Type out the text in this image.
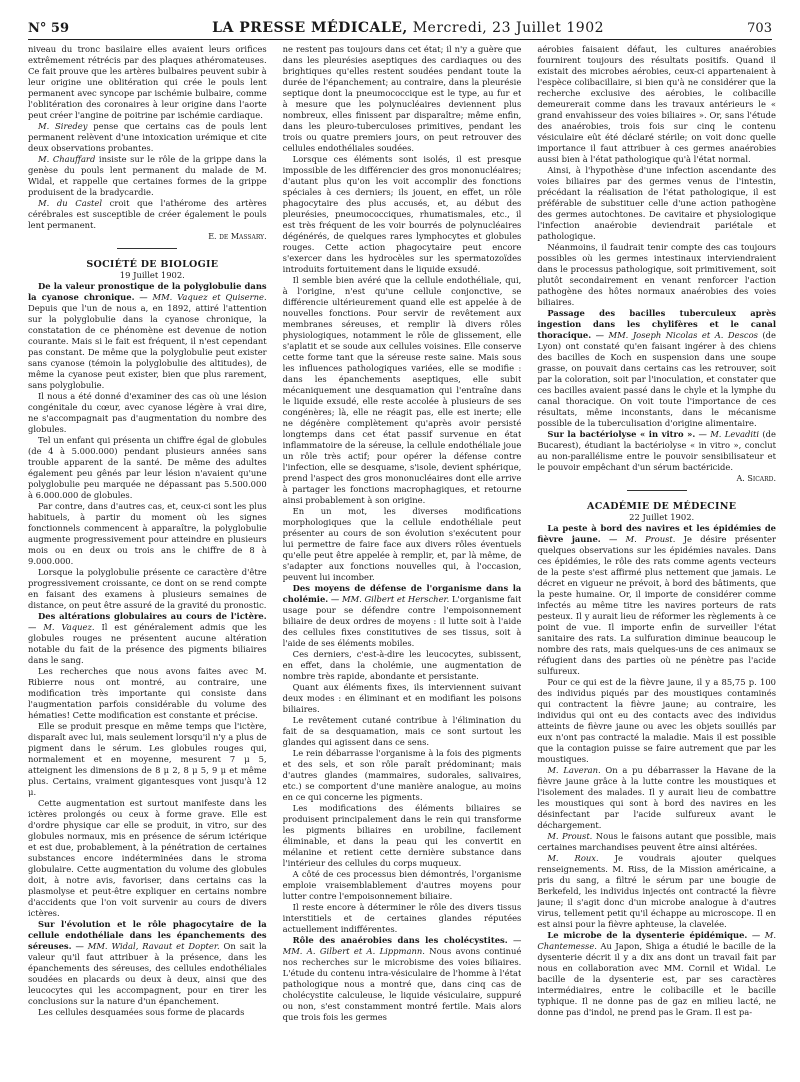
N° 59	LA PRESSE MÉDICALE, Mercredi, 23 Juillet 1902	703

niveau du tronc basilaire elles avaient leurs orifices extrêmement rétrécis par des plaques athéromateuses. Ce fait prouve que les artères bulbaires peuvent subir à leur origine une oblitération qui crée le pouls lent permanent avec syncope par ischémie bulbaire, comme l'oblitération des coronaires à leur origine dans l'aorte peut créer l'angine de poitrine par ischémie cardiaque.

M. Siredey pense que certains cas de pouls lent permanent relèvent d'une intoxication urémique et cite deux observations probantes.

M. Chauffard insiste sur le rôle de la grippe dans la genèse du pouls lent permanent du malade de M. Widal, et rappelle que certaines formes de la grippe produisent de la bradycardie.

M. du Castel croit que l'athérome des artères cérébrales est susceptible de créer également le pouls lent permanent.

E. de Massary.

SOCIÉTÉ DE BIOLOGIE

19 Juillet 1902.

De la valeur pronostique de la polyglobulie dans la cyanose chronique. — MM. Vaquez et Quiserne. Depuis que l'un de nous a, en 1892, attiré l'attention sur la polyglobulie dans la cyanose chronique, la constatation de ce phénomène est devenue de notion courante. Mais si le fait est fréquent, il n'est cependant pas constant. De même que la polyglobulie peut exister sans cyanose (témoin la polyglobulie des altitudes), de même la cyanose peut exister, bien que plus rarement, sans polyglobulie.

Il nous a été donné d'examiner des cas où une lésion congénitale du cœur, avec cyanose légère à vrai dire, ne s'accompagnait pas d'augmentation du nombre des globules.

Tel un enfant qui présenta un chiffre égal de globules (de 4 à 5.000.000) pendant plusieurs années sans trouble apparent de la santé. De même des adultes également peu gênés par leur lésion n'avaient qu'une polyglobulie peu marquée ne dépassant pas 5.500.000 à 6.000.000 de globules.

Par contre, dans d'autres cas, et, ceux-ci sont les plus habituels, à partir du moment où les signes fonctionnels commencent à apparaître, la polyglobulie augmente progressivement pour atteindre en plusieurs mois ou en deux ou trois ans le chiffre de 8 à 9.000.000.

Lorsque la polyglobulie présente ce caractère d'être progressivement croissante, ce dont on se rend compte en faisant des examens à plusieurs semaines de distance, on peut être assuré de la gravité du pronostic.

Des altérations globulaires au cours de l'ictère. — M. Vaquez. Il est généralement admis que les globules rouges ne présentent aucune altération notable du fait de la présence des pigments biliaires dans le sang.

Les recherches que nous avons faites avec M. Ribierre nous ont montré, au contraire, une modification très importante qui consiste dans l'augmentation parfois considérable du volume des hématies! Cette modification est constante et précise.

Elle se produit presque en même temps que l'ictère, disparaît avec lui, mais seulement lorsqu'il n'y a plus de pigment dans le sérum. Les globules rouges qui, normalement et en moyenne, mesurent 7 μ 5, atteignent les dimensions de 8 μ 2, 8 μ 5, 9 μ et même plus. Certains, vraiment gigantesques vont jusqu'à 12 μ.

Cette augmentation est surtout manifeste dans les ictères prolongés ou ceux à forme grave. Elle est d'ordre physique car elle se produit, in vitro, sur des globules normaux, mis en présence de sérum ictérique et est due, probablement, à la pénétration de certaines substances encore indéterminées dans le stroma globulaire. Cette augmentation du volume des globules doit, à notre avis, favoriser, dans certains cas la plasmolyse et peut-être expliquer en certains nombre d'accidents que l'on voit survenir au cours de divers ictères.

Sur l'évolution et le rôle phagocytaire de la cellule endothéliale dans les épanchements des séreuses. — MM. Widal, Ravaut et Dopter. On sait la valeur qu'il faut attribuer à la présence, dans les épanchements des séreuses, des cellules endothéliales soudées en placards ou deux à deux, ainsi que des leucocytes qui les accompagnent, pour en tirer les conclusions sur la nature d'un épanchement.

Les cellules desquamées sous forme de placards

ne restent pas toujours dans cet état; il n'y a guère que dans les pleurésies aseptiques des cardiaques ou des brightiques qu'elles restent soudées pendant toute la durée de l'épanchement; au contraire, dans la pleurésie septique dont la pneumococcique est le type, au fur et à mesure que les polynucléaires deviennent plus nombreux, elles finissent par disparaître; même enfin, dans les pleuro-tuberculoses primitives, pendant les trois ou quatre premiers jours, on peut retrouver des cellules endothéliales soudées.

Lorsque ces éléments sont isolés, il est presque impossible de les différencier des gros mononucléaires; d'autant plus qu'on les voit accomplir des fonctions spéciales à ces derniers; ils jouent, en effet, un rôle phagocytaire des plus accusés, et, au début des pleurésies, pneumococciques, rhumatismales, etc., il est très fréquent de les voir bourrés de polynucléaires dégénérés, de quelques rares lymphocytes et globules rouges. Cette action phagocytaire peut encore s'exercer dans les hydrocèles sur les spermatozoïdes introduits fortuitement dans le liquide exsudé.

Il semble bien avéré que la cellule endothéliale, qui, à l'origine, n'est qu'une cellule conjonctive, se différencie ultérieurement quand elle est appelée à de nouvelles fonctions. Pour servir de revêtement aux membranes séreuses, et remplir là divers rôles physiologiques, notamment le rôle de glissement, elle s'aplatit et se soude aux cellules voisines. Elle conserve cette forme tant que la séreuse reste saine. Mais sous les influences pathologiques variées, elle se modifie : dans les épanchements aseptiques, elle subit mécaniquement une desquamation qui l'entraîne dans le liquide exsudé, elle reste accolée à plusieurs de ses congénères; là, elle ne réagit pas, elle est inerte; elle ne dégénère complètement qu'après avoir persisté longtemps dans cet état passif survenue en état inflammatoire de la séreuse, la cellule endothéliale joue un rôle très actif; pour opérer la défense contre l'infection, elle se desquame, s'isole, devient sphérique, prend l'aspect des gros mononucléaires dont elle arrive à partager les fonctions macrophagiques, et retourne ainsi probablement à son origine.

En un mot, les diverses modifications morphologiques que la cellule endothéliale peut présenter au cours de son évolution s'exécutent pour lui permettre de faire face aux divers rôles éventuels qu'elle peut être appelée à remplir, et, par là même, de s'adapter aux fonctions nouvelles qui, à l'occasion, peuvent lui incomber.

Des moyens de défense de l'organisme dans la cholémie. — MM. Gilbert et Herscher. L'organisme fait usage pour se défendre contre l'empoisonnement biliaire de deux ordres de moyens : il lutte soit à l'aide des cellules fixes constitutives de ses tissus, soit à l'aide de ses éléments mobiles.

Ces derniers, c'est-à-dire les leucocytes, subissent, en effet, dans la cholémie, une augmentation de nombre très rapide, abondante et persistante.

Quant aux éléments fixes, ils interviennent suivant deux modes : en éliminant et en modifiant les poisons biliaires.

Le revêtement cutané contribue à l'élimination du fait de sa desquamation, mais ce sont surtout les glandes qui agissent dans ce sens.

Le rein débarrasse l'organisme à la fois des pigments et des sels, et son rôle paraît prédominant; mais d'autres glandes (mammaires, sudorales, salivaires, etc.) se comportent d'une manière analogue, au moins en ce qui concerne les pigments.

Les modifications des éléments biliaires se produisent principalement dans le rein qui transforme les pigments biliaires en urobiline, facilement éliminable, et dans la peau qui les convertit en mélanine et retient cette dernière substance dans l'intérieur des cellules du corps muqueux.

A côté de ces processus bien démontrés, l'organisme emploie vraisemblablement d'autres moyens pour lutter contre l'empoisonnement biliaire.

Il reste encore à déterminer le rôle des divers tissus interstitiels et de certaines glandes réputées actuellement indifférentes.

Rôle des anaérobies dans les cholécystites. — MM. A. Gilbert et A. Lippmann. Nous avons continué nos recherches sur le microbisme des voies biliaires. L'étude du contenu intra-vésiculaire de l'homme à l'état pathologique nous a montré que, dans cinq cas de cholécystite calculeuse, le liquide vésiculaire, suppuré ou non, s'est constamment montré fertile. Mais alors que trois fois les germes

aérobies faisaient défaut, les cultures anaérobies fournirent toujours des résultats positifs. Quand il existait des microbes aérobies, ceux-ci appartenaient à l'espèce colibacillaire, si bien qu'à ne considérer que la recherche exclusive des aérobies, le colibacille demeurerait comme dans les travaux antérieurs le « grand envahisseur des voies biliaires ». Or, sans l'étude des anaérobies, trois fois sur cinq le contenu vésiculaire eût été déclaré stérile; on voit donc quelle importance il faut attribuer à ces germes anaérobies aussi bien à l'état pathologique qu'à l'état normal.

Ainsi, à l'hypothèse d'une infection ascendante des voies biliaires par des germes venus de l'intestin, précédant la réalisation de l'état pathologique, il est préférable de substituer celle d'une action pathogène des germes autochtones. De cavitaire et physiologique l'infection anaérobie deviendrait pariétale et pathologique.

Néanmoins, il faudrait tenir compte des cas toujours possibles où les germes intestinaux interviendraient dans le processus pathologique, soit primitivement, soit plutôt secondairement en venant renforcer l'action pathogène des hôtes normaux anaérobies des voies biliaires.

Passage des bacilles tuberculeux après ingestion dans les chylifères et le canal thoracique. — MM. Joseph Nicolas et A. Descos (de Lyon) ont constaté qu'en faisant ingérer à des chiens des bacilles de Koch en suspension dans une soupe grasse, on pouvait dans certains cas les retrouver, soit par la coloration, soit par l'inoculation, et constater que ces bacilles avaient passé dans le chyle et la lymphe du canal thoracique. On voit toute l'importance de ces résultats, même inconstants, dans le mécanisme possible de la tuberculisation d'origine alimentaire.

Sur la bactériolyse « in vitro ». — M. Levaditi (de Bucarest), étudiant la bactériolyse « in vitro », conclut au non-parallélisme entre le pouvoir sensibilisateur et le pouvoir empêchant d'un sérum bactéricide.

A. Sicard.

ACADÉMIE DE MÉDECINE

22 Juillet 1902.

La peste à bord des navires et les épidémies de fièvre jaune. — M. Proust. Je désire présenter quelques observations sur les épidémies navales. Dans ces épidémies, le rôle des rats comme agents vecteurs de la peste s'est affirmé plus nettement que jamais. Le décret en vigueur ne prévoit, à bord des bâtiments, que la peste humaine. Or, il importe de considérer comme infectés au même titre les navires porteurs de rats pesteux. Il y aurait lieu de réformer les règlements à ce point de vue. Il importe enfin de surveiller l'état sanitaire des rats. La sulfuration diminue beaucoup le nombre des rats, mais quelques-uns de ces animaux se réfugient dans des parties où ne pénètre pas l'acide sulfureux.

Pour ce qui est de la fièvre jaune, il y a 85,75 p. 100 des individus piqués par des moustiques contaminés qui contractent la fièvre jaune; au contraire, les individus qui ont eu des contacts avec des individus atteints de fièvre jaune ou avec les objets souillés par eux n'ont pas contracté la maladie. Mais il est possible que la contagion puisse se faire autrement que par les moustiques.

M. Laveran. On a pu débarrasser la Havane de la fièvre jaune grâce à la lutte contre les moustiques et l'isolement des malades. Il y aurait lieu de combattre les moustiques qui sont à bord des navires en les désinfectant par l'acide sulfureux avant le déchargement.

M. Proust. Nous le faisons autant que possible, mais certaines marchandises peuvent être ainsi altérées.

M. Roux. Je voudrais ajouter quelques renseignements. M. Riss, de la Mission américaine, a pris du sang, a filtré le sérum par une bougie de Berkefeld, les individus injectés ont contracté la fièvre jaune; il s'agit donc d'un microbe analogue à d'autres virus, tellement petit qu'il échappe au microscope. Il en est ainsi pour la fièvre aphteuse, la clavelée.

Le microbe de la dysenterie épidémique. — M. Chantemesse. Au Japon, Shiga a étudié le bacille de la dysenterie décrit il y a dix ans dont un travail fait par nous en collaboration avec MM. Cornil et Widal. Le bacille de la dysenterie est, par ses caractères intermédiaires, entre le colibacille et le bacille typhique. Il ne donne pas de gaz en milieu lacté, ne donne pas d'indol, ne prend pas le Gram. Il est pa-
